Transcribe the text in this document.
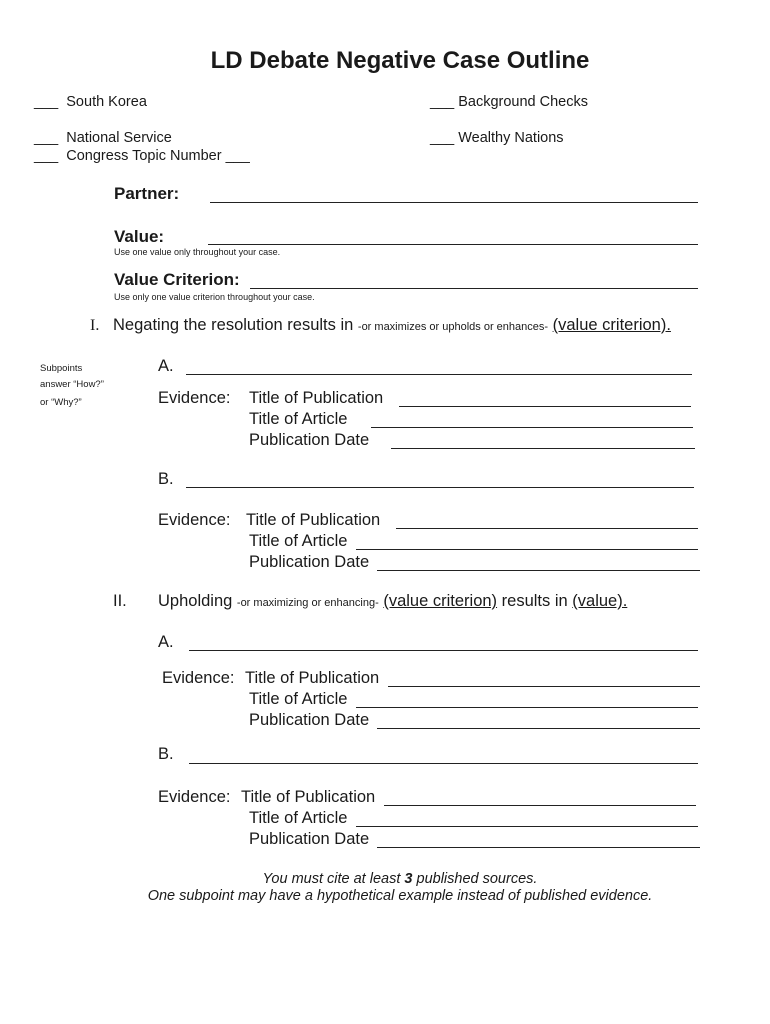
LD Debate Negative Case Outline
___ South Korea	___ Background Checks
___ National Service	___ Wealthy Nations
___ Congress Topic Number ___
Partner:
Value:
Use one value only throughout your case.
Value Criterion:
Use only one value criterion throughout your case.
I. Negating the resolution results in -or maximizes or upholds or enhances- (value criterion).
Subpoints
answer “How?”
or “Why?”
A.
Evidence: Title of Publication
Title of Article
Publication Date
B.
Evidence: Title of Publication
Title of Article
Publication Date
II. Upholding -or maximizing or enhancing- (value criterion) results in (value).
A.
Evidence: Title of Publication
Title of Article
Publication Date
B.
Evidence: Title of Publication
Title of Article
Publication Date
You must cite at least 3 published sources.
One subpoint may have a hypothetical example instead of published evidence.
